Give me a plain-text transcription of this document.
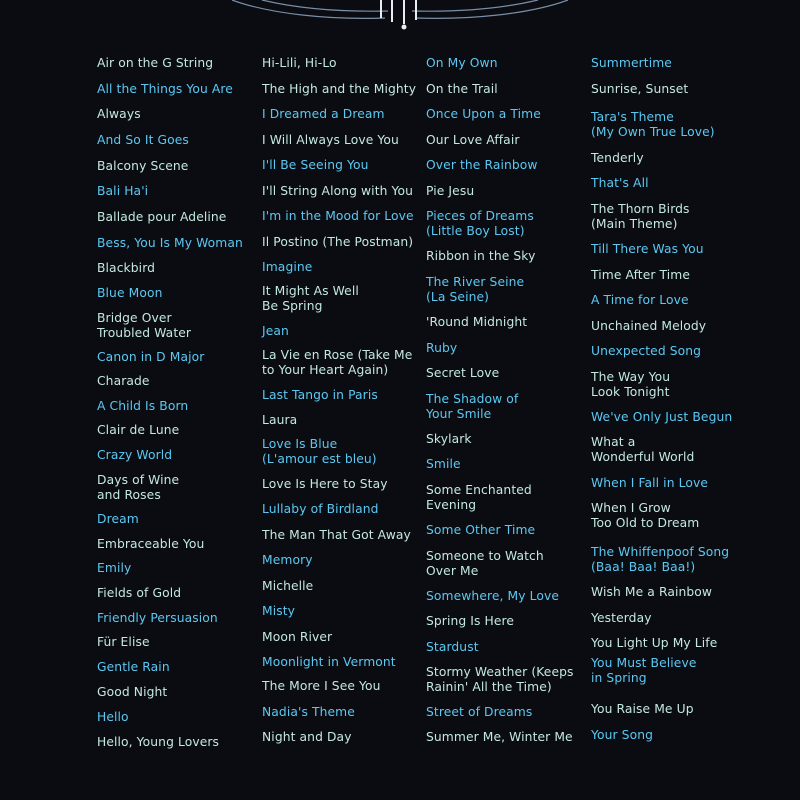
Air on the G String
All the Things You Are
Always
And So It Goes
Balcony Scene
Bali Ha'i
Ballade pour Adeline
Bess, You Is My Woman
Blackbird
Blue Moon
Bridge Over
Troubled Water
Canon in D Major
Charade
A Child Is Born
Clair de Lune
Crazy World
Days of Wine
and Roses
Dream
Embraceable You
Emily
Fields of Gold
Friendly Persuasion
Für Elise
Gentle Rain
Good Night
Hello
Hello, Young Lovers
Hi-Lili, Hi-Lo
The High and the Mighty
I Dreamed a Dream
I Will Always Love You
I'll Be Seeing You
I'll String Along with You
I'm in the Mood for Love
Il Postino (The Postman)
Imagine
It Might As Well
Be Spring
Jean
La Vie en Rose (Take Me
to Your Heart Again)
Last Tango in Paris
Laura
Love Is Blue
(L'amour est bleu)
Love Is Here to Stay
Lullaby of Birdland
The Man That Got Away
Memory
Michelle
Misty
Moon River
Moonlight in Vermont
The More I See You
Nadia's Theme
Night and Day
On My Own
On the Trail
Once Upon a Time
Our Love Affair
Over the Rainbow
Pie Jesu
Pieces of Dreams
(Little Boy Lost)
Ribbon in the Sky
The River Seine
(La Seine)
'Round Midnight
Ruby
Secret Love
The Shadow of
Your Smile
Skylark
Smile
Some Enchanted
Evening
Some Other Time
Someone to Watch
Over Me
Somewhere, My Love
Spring Is Here
Stardust
Stormy Weather (Keeps
Rainin' All the Time)
Street of Dreams
Summer Me, Winter Me
Summertime
Sunrise, Sunset
Tara's Theme
(My Own True Love)
Tenderly
That's All
The Thorn Birds
(Main Theme)
Till There Was You
Time After Time
A Time for Love
Unchained Melody
Unexpected Song
The Way You
Look Tonight
We've Only Just Begun
What a
Wonderful World
When I Fall in Love
When I Grow
Too Old to Dream
The Whiffenpoof Song
(Baa! Baa! Baa!)
Wish Me a Rainbow
Yesterday
You Light Up My Life
You Must Believe
in Spring
You Raise Me Up
Your Song
